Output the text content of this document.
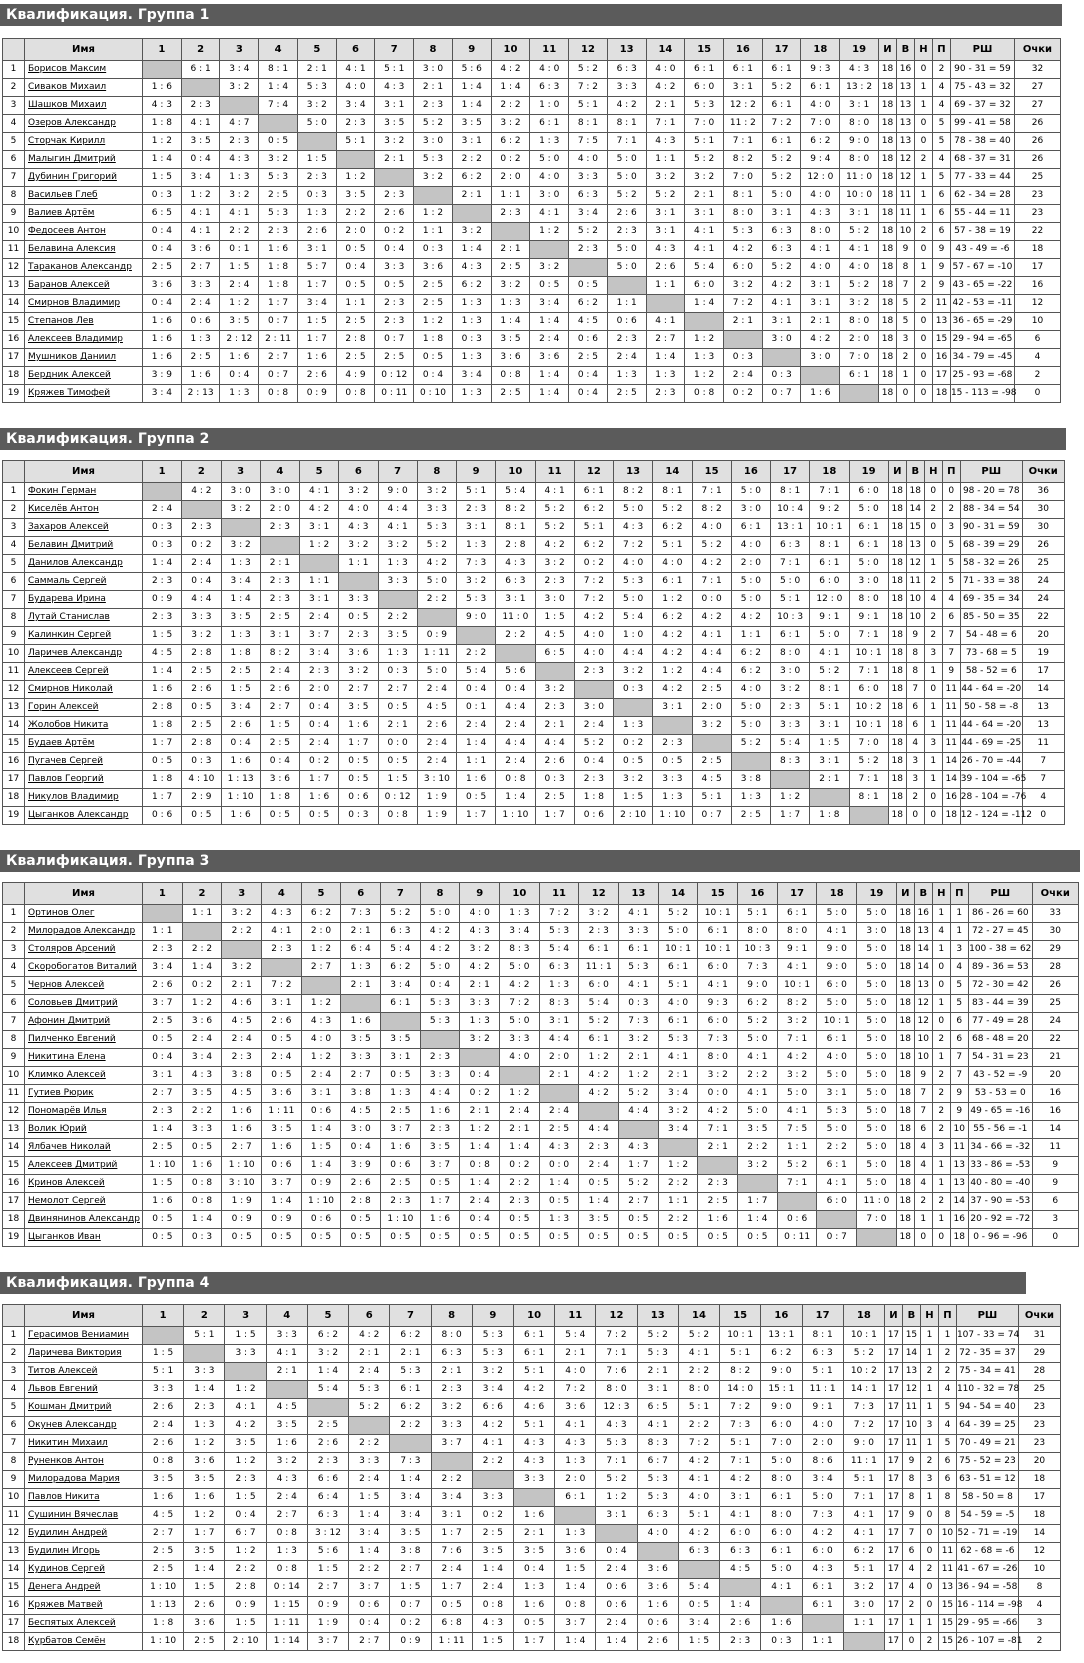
Квалификация. Группа 1
	Имя	1	2	3	4	5	6	7	8	9	10	11	12	13	14	15	16	17	18	19	И	В	Н	П	РШ	Очки
1	Борисов Максим		6 : 1	3 : 4	8 : 1	2 : 1	4 : 1	5 : 1	3 : 0	5 : 6	4 : 2	4 : 0	5 : 2	6 : 3	4 : 0	6 : 1	6 : 1	6 : 1	9 : 3	4 : 3	18	16	0	2	90 - 31 = 59	32
2	Сиваков Михаил	1 : 6		3 : 2	1 : 4	5 : 3	4 : 0	4 : 3	2 : 1	1 : 4	1 : 4	6 : 3	7 : 2	3 : 3	4 : 2	6 : 0	3 : 1	5 : 2	6 : 1	13 : 2	18	13	1	4	75 - 43 = 32	27
3	Шашков Михаил	4 : 3	2 : 3		7 : 4	3 : 2	3 : 4	3 : 1	2 : 3	1 : 4	2 : 2	1 : 0	5 : 1	4 : 2	2 : 1	5 : 3	12 : 2	6 : 1	4 : 0	3 : 1	18	13	1	4	69 - 37 = 32	27
4	Озеров Александр	1 : 8	4 : 1	4 : 7		5 : 0	2 : 3	3 : 5	5 : 2	3 : 5	3 : 2	6 : 1	8 : 1	8 : 1	7 : 1	7 : 0	11 : 2	7 : 2	7 : 0	8 : 0	18	13	0	5	99 - 41 = 58	26
5	Сторчак Кирилл	1 : 2	3 : 5	2 : 3	0 : 5		5 : 1	3 : 2	3 : 0	3 : 1	6 : 2	1 : 3	7 : 5	7 : 1	4 : 3	5 : 1	7 : 1	6 : 1	6 : 2	9 : 0	18	13	0	5	78 - 38 = 40	26
6	Малыгин Дмитрий	1 : 4	0 : 4	4 : 3	3 : 2	1 : 5		2 : 1	5 : 3	2 : 2	0 : 2	5 : 0	4 : 0	5 : 0	1 : 1	5 : 2	8 : 2	5 : 2	9 : 4	8 : 0	18	12	2	4	68 - 37 = 31	26
7	Дубинин Григорий	1 : 5	3 : 4	1 : 3	5 : 3	2 : 3	1 : 2		3 : 2	6 : 2	2 : 0	4 : 0	3 : 3	5 : 0	3 : 2	3 : 2	7 : 0	5 : 2	12 : 0	11 : 0	18	12	1	5	77 - 33 = 44	25
8	Васильев Глеб	0 : 3	1 : 2	3 : 2	2 : 5	0 : 3	3 : 5	2 : 3		2 : 1	1 : 1	3 : 0	6 : 3	5 : 2	5 : 2	2 : 1	8 : 1	5 : 0	4 : 0	10 : 0	18	11	1	6	62 - 34 = 28	23
9	Валиев Артём	6 : 5	4 : 1	4 : 1	5 : 3	1 : 3	2 : 2	2 : 6	1 : 2		2 : 3	4 : 1	3 : 4	2 : 6	3 : 1	3 : 1	8 : 0	3 : 1	4 : 3	3 : 1	18	11	1	6	55 - 44 = 11	23
10	Федосеев Антон	0 : 4	4 : 1	2 : 2	2 : 3	2 : 6	2 : 0	0 : 2	1 : 1	3 : 2		1 : 2	5 : 2	2 : 3	3 : 1	4 : 1	5 : 3	6 : 3	8 : 0	5 : 2	18	10	2	6	57 - 38 = 19	22
11	Белавина Алексия	0 : 4	3 : 6	0 : 1	1 : 6	3 : 1	0 : 5	0 : 4	0 : 3	1 : 4	2 : 1		2 : 3	5 : 0	4 : 3	4 : 1	4 : 2	6 : 3	4 : 1	4 : 1	18	9	0	9	43 - 49 = -6	18
12	Тараканов Александр	2 : 5	2 : 7	1 : 5	1 : 8	5 : 7	0 : 4	3 : 3	3 : 6	4 : 3	2 : 5	3 : 2		5 : 0	2 : 6	5 : 4	6 : 0	5 : 2	4 : 0	4 : 0	18	8	1	9	57 - 67 = -10	17
13	Баранов Алексей	3 : 6	3 : 3	2 : 4	1 : 8	1 : 7	0 : 5	0 : 5	2 : 5	6 : 2	3 : 2	0 : 5	0 : 5		1 : 1	6 : 0	3 : 2	4 : 2	3 : 1	5 : 2	18	7	2	9	43 - 65 = -22	16
14	Смирнов Владимир	0 : 4	2 : 4	1 : 2	1 : 7	3 : 4	1 : 1	2 : 3	2 : 5	1 : 3	1 : 3	3 : 4	6 : 2	1 : 1		1 : 4	7 : 2	4 : 1	3 : 1	3 : 2	18	5	2	11	42 - 53 = -11	12
15	Степанов Лев	1 : 6	0 : 6	3 : 5	0 : 7	1 : 5	2 : 5	2 : 3	1 : 2	1 : 3	1 : 4	1 : 4	4 : 5	0 : 6	4 : 1		2 : 1	3 : 1	2 : 1	8 : 0	18	5	0	13	36 - 65 = -29	10
16	Алексеев Владимир	1 : 6	1 : 3	2 : 12	2 : 11	1 : 7	2 : 8	0 : 7	1 : 8	0 : 3	3 : 5	2 : 4	0 : 6	2 : 3	2 : 7	1 : 2		3 : 0	4 : 2	2 : 0	18	3	0	15	29 - 94 = -65	6
17	Мушников Даниил	1 : 6	2 : 5	1 : 6	2 : 7	1 : 6	2 : 5	2 : 5	0 : 5	1 : 3	3 : 6	3 : 6	2 : 5	2 : 4	1 : 4	1 : 3	0 : 3		3 : 0	7 : 0	18	2	0	16	34 - 79 = -45	4
18	Бердник Алексей	3 : 9	1 : 6	0 : 4	0 : 7	2 : 6	4 : 9	0 : 12	0 : 4	3 : 4	0 : 8	1 : 4	0 : 4	1 : 3	1 : 3	1 : 2	2 : 4	0 : 3		6 : 1	18	1	0	17	25 - 93 = -68	2
19	Кряжев Тимофей	3 : 4	2 : 13	1 : 3	0 : 8	0 : 9	0 : 8	0 : 11	0 : 10	1 : 3	2 : 5	1 : 4	0 : 4	2 : 5	2 : 3	0 : 8	0 : 2	0 : 7	1 : 6		18	0	0	18	15 - 113 = -98	0
Квалификация. Группа 2
	Имя	1	2	3	4	5	6	7	8	9	10	11	12	13	14	15	16	17	18	19	И	В	Н	П	РШ	Очки
1	Фокин Герман		4 : 2	3 : 0	3 : 0	4 : 1	3 : 2	9 : 0	3 : 2	5 : 1	5 : 4	4 : 1	6 : 1	8 : 2	8 : 1	7 : 1	5 : 0	8 : 1	7 : 1	6 : 0	18	18	0	0	98 - 20 = 78	36
2	Киселёв Антон	2 : 4		3 : 2	2 : 0	4 : 2	4 : 0	4 : 4	3 : 3	2 : 3	8 : 2	5 : 2	6 : 2	5 : 0	5 : 2	8 : 2	3 : 0	10 : 4	9 : 2	5 : 0	18	14	2	2	88 - 34 = 54	30
3	Захаров Алексей	0 : 3	2 : 3		2 : 3	3 : 1	4 : 3	4 : 1	5 : 3	3 : 1	8 : 1	5 : 2	5 : 1	4 : 3	6 : 2	4 : 0	6 : 1	13 : 1	10 : 1	6 : 1	18	15	0	3	90 - 31 = 59	30
4	Белавин Дмитрий	0 : 3	0 : 2	3 : 2		1 : 2	3 : 2	3 : 2	5 : 2	1 : 3	2 : 8	4 : 2	6 : 2	7 : 2	5 : 1	5 : 2	4 : 0	6 : 3	8 : 1	6 : 1	18	13	0	5	68 - 39 = 29	26
5	Данилов Александр	1 : 4	2 : 4	1 : 3	2 : 1		1 : 1	1 : 3	4 : 2	7 : 3	4 : 3	3 : 2	0 : 2	4 : 0	4 : 0	4 : 2	2 : 0	7 : 1	6 : 1	5 : 0	18	12	1	5	58 - 32 = 26	25
6	Саммаль Сергей	2 : 3	0 : 4	3 : 4	2 : 3	1 : 1		3 : 3	5 : 0	3 : 2	6 : 3	2 : 3	7 : 2	5 : 3	6 : 1	7 : 1	5 : 0	5 : 0	6 : 0	3 : 0	18	11	2	5	71 - 33 = 38	24
7	Бударева Ирина	0 : 9	4 : 4	1 : 4	2 : 3	3 : 1	3 : 3		2 : 2	5 : 3	3 : 1	3 : 0	7 : 2	5 : 0	1 : 2	0 : 0	5 : 0	5 : 1	12 : 0	8 : 0	18	10	4	4	69 - 35 = 34	24
8	Лутай Станислав	2 : 3	3 : 3	3 : 5	2 : 5	2 : 4	0 : 5	2 : 2		9 : 0	11 : 0	1 : 5	4 : 2	5 : 4	6 : 2	4 : 2	4 : 2	10 : 3	9 : 1	9 : 1	18	10	2	6	85 - 50 = 35	22
9	Калинкин Сергей	1 : 5	3 : 2	1 : 3	3 : 1	3 : 7	2 : 3	3 : 5	0 : 9		2 : 2	4 : 5	4 : 0	1 : 0	4 : 2	4 : 1	1 : 1	6 : 1	5 : 0	7 : 1	18	9	2	7	54 - 48 = 6	20
10	Ларичев Александр	4 : 5	2 : 8	1 : 8	8 : 2	3 : 4	3 : 6	1 : 3	1 : 11	2 : 2		6 : 5	4 : 0	4 : 4	4 : 2	4 : 4	6 : 2	8 : 0	4 : 1	10 : 1	18	8	3	7	73 - 68 = 5	19
11	Алексеев Сергей	1 : 4	2 : 5	2 : 5	2 : 4	2 : 3	3 : 2	0 : 3	5 : 0	5 : 4	5 : 6		2 : 3	3 : 2	1 : 2	4 : 4	6 : 2	3 : 0	5 : 2	7 : 1	18	8	1	9	58 - 52 = 6	17
12	Смирнов Николай	1 : 6	2 : 6	1 : 5	2 : 6	2 : 0	2 : 7	2 : 7	2 : 4	0 : 4	0 : 4	3 : 2		0 : 3	4 : 2	2 : 5	4 : 0	3 : 2	8 : 1	6 : 0	18	7	0	11	44 - 64 = -20	14
13	Горин Алексей	2 : 8	0 : 5	3 : 4	2 : 7	0 : 4	3 : 5	0 : 5	4 : 5	0 : 1	4 : 4	2 : 3	3 : 0		3 : 1	2 : 0	5 : 0	2 : 3	5 : 1	10 : 2	18	6	1	11	50 - 58 = -8	13
14	Жолобов Никита	1 : 8	2 : 5	2 : 6	1 : 5	0 : 4	1 : 6	2 : 1	2 : 6	2 : 4	2 : 4	2 : 1	2 : 4	1 : 3		3 : 2	5 : 0	3 : 3	3 : 1	10 : 1	18	6	1	11	44 - 64 = -20	13
15	Будаев Артём	1 : 7	2 : 8	0 : 4	2 : 5	2 : 4	1 : 7	0 : 0	2 : 4	1 : 4	4 : 4	4 : 4	5 : 2	0 : 2	2 : 3		5 : 2	5 : 4	1 : 5	7 : 0	18	4	3	11	44 - 69 = -25	11
16	Пугачев Сергей	0 : 5	0 : 3	1 : 6	0 : 4	0 : 2	0 : 5	0 : 5	2 : 4	1 : 1	2 : 4	2 : 6	0 : 4	0 : 5	0 : 5	2 : 5		8 : 3	3 : 1	5 : 2	18	3	1	14	26 - 70 = -44	7
17	Павлов Георгий	1 : 8	4 : 10	1 : 13	3 : 6	1 : 7	0 : 5	1 : 5	3 : 10	1 : 6	0 : 8	0 : 3	2 : 3	3 : 2	3 : 3	4 : 5	3 : 8		2 : 1	7 : 1	18	3	1	14	39 - 104 = -65	7
18	Никулов Владимир	1 : 7	2 : 9	1 : 10	1 : 8	1 : 6	0 : 6	0 : 12	1 : 9	0 : 5	1 : 4	2 : 5	1 : 8	1 : 5	1 : 3	5 : 1	1 : 3	1 : 2		8 : 1	18	2	0	16	28 - 104 = -76	4
19	Цыганков Александр	0 : 6	0 : 5	1 : 6	0 : 5	0 : 5	0 : 3	0 : 8	1 : 9	1 : 7	1 : 10	1 : 7	0 : 6	2 : 10	1 : 10	0 : 7	2 : 5	1 : 7	1 : 8		18	0	0	18	12 - 124 = -112	0
Квалификация. Группа 3
	Имя	1	2	3	4	5	6	7	8	9	10	11	12	13	14	15	16	17	18	19	И	В	Н	П	РШ	Очки
1	Ортинов Олег		1 : 1	3 : 2	4 : 3	6 : 2	7 : 3	5 : 2	5 : 0	4 : 0	1 : 3	7 : 2	3 : 2	4 : 1	5 : 2	10 : 1	5 : 1	6 : 1	5 : 0	5 : 0	18	16	1	1	86 - 26 = 60	33
2	Милорадов Александр	1 : 1		2 : 2	4 : 1	2 : 0	2 : 1	6 : 3	4 : 2	4 : 3	3 : 4	5 : 3	2 : 3	3 : 3	5 : 0	6 : 1	8 : 0	8 : 0	4 : 1	3 : 0	18	13	4	1	72 - 27 = 45	30
3	Столяров Арсений	2 : 3	2 : 2		2 : 3	1 : 2	6 : 4	5 : 4	4 : 2	3 : 2	8 : 3	5 : 4	6 : 1	6 : 1	10 : 1	10 : 1	10 : 3	9 : 1	9 : 0	5 : 0	18	14	1	3	100 - 38 = 62	29
4	Скоробогатов Виталий	3 : 4	1 : 4	3 : 2		2 : 7	1 : 3	6 : 2	5 : 0	4 : 2	5 : 0	6 : 3	11 : 1	5 : 3	6 : 1	6 : 0	7 : 3	4 : 1	9 : 0	5 : 0	18	14	0	4	89 - 36 = 53	28
5	Чернов Алексей	2 : 6	0 : 2	2 : 1	7 : 2		2 : 1	3 : 4	0 : 4	2 : 1	4 : 2	1 : 3	6 : 0	4 : 1	5 : 1	4 : 1	9 : 0	10 : 1	6 : 0	5 : 0	18	13	0	5	72 - 30 = 42	26
6	Соловьев Дмитрий	3 : 7	1 : 2	4 : 6	3 : 1	1 : 2		6 : 1	5 : 3	3 : 3	7 : 2	8 : 3	5 : 4	0 : 3	4 : 0	9 : 3	6 : 2	8 : 2	5 : 0	5 : 0	18	12	1	5	83 - 44 = 39	25
7	Афонин Дмитрий	2 : 5	3 : 6	4 : 5	2 : 6	4 : 3	1 : 6		5 : 3	1 : 3	5 : 0	3 : 1	5 : 2	7 : 3	6 : 1	6 : 0	5 : 2	3 : 2	10 : 1	5 : 0	18	12	0	6	77 - 49 = 28	24
8	Пилченко Евгений	0 : 5	2 : 4	2 : 4	0 : 5	4 : 0	3 : 5	3 : 5		3 : 2	3 : 3	4 : 4	6 : 1	3 : 2	5 : 3	7 : 3	5 : 0	7 : 1	6 : 1	5 : 0	18	10	2	6	68 - 48 = 20	22
9	Никитина Елена	0 : 4	3 : 4	2 : 3	2 : 4	1 : 2	3 : 3	3 : 1	2 : 3		4 : 0	2 : 0	1 : 2	2 : 1	4 : 1	8 : 0	4 : 1	4 : 2	4 : 0	5 : 0	18	10	1	7	54 - 31 = 23	21
10	Климко Алексей	3 : 1	4 : 3	3 : 8	0 : 5	2 : 4	2 : 7	0 : 5	3 : 3	0 : 4		2 : 1	4 : 2	1 : 2	2 : 1	3 : 2	2 : 2	3 : 2	5 : 0	5 : 0	18	9	2	7	43 - 52 = -9	20
11	Гутиев Рюрик	2 : 7	3 : 5	4 : 5	3 : 6	3 : 1	3 : 8	1 : 3	4 : 4	0 : 2	1 : 2		4 : 2	5 : 2	3 : 4	0 : 0	4 : 1	5 : 0	3 : 1	5 : 0	18	7	2	9	53 - 53 = 0	16
12	Пономарёв Илья	2 : 3	2 : 2	1 : 6	1 : 11	0 : 6	4 : 5	2 : 5	1 : 6	2 : 1	2 : 4	2 : 4		4 : 4	3 : 2	4 : 2	5 : 0	4 : 1	5 : 3	5 : 0	18	7	2	9	49 - 65 = -16	16
13	Волик Юрий	1 : 4	3 : 3	1 : 6	3 : 5	1 : 4	3 : 0	3 : 7	2 : 3	1 : 2	2 : 1	2 : 5	4 : 4		3 : 4	7 : 1	3 : 5	7 : 5	5 : 0	5 : 0	18	6	2	10	55 - 56 = -1	14
14	Ялбачев Николай	2 : 5	0 : 5	2 : 7	1 : 6	1 : 5	0 : 4	1 : 6	3 : 5	1 : 4	1 : 4	4 : 3	2 : 3	4 : 3		2 : 1	2 : 2	1 : 1	2 : 2	5 : 0	18	4	3	11	34 - 66 = -32	11
15	Алексеев Дмитрий	1 : 10	1 : 6	1 : 10	0 : 6	1 : 4	3 : 9	0 : 6	3 : 7	0 : 8	0 : 2	0 : 0	2 : 4	1 : 7	1 : 2		3 : 2	5 : 2	6 : 1	5 : 0	18	4	1	13	33 - 86 = -53	9
16	Кринов Алексей	1 : 5	0 : 8	3 : 10	3 : 7	0 : 9	2 : 6	2 : 5	0 : 5	1 : 4	2 : 2	1 : 4	0 : 5	5 : 2	2 : 2	2 : 3		7 : 1	4 : 1	5 : 0	18	4	1	13	40 - 80 = -40	9
17	Немолот Сергей	1 : 6	0 : 8	1 : 9	1 : 4	1 : 10	2 : 8	2 : 3	1 : 7	2 : 4	2 : 3	0 : 5	1 : 4	2 : 7	1 : 1	2 : 5	1 : 7		6 : 0	11 : 0	18	2	2	14	37 - 90 = -53	6
18	Двинянинов Александр	0 : 5	1 : 4	0 : 9	0 : 9	0 : 6	0 : 5	1 : 10	1 : 6	0 : 4	0 : 5	1 : 3	3 : 5	0 : 5	2 : 2	1 : 6	1 : 4	0 : 6		7 : 0	18	1	1	16	20 - 92 = -72	3
19	Цыганков Иван	0 : 5	0 : 3	0 : 5	0 : 5	0 : 5	0 : 5	0 : 5	0 : 5	0 : 5	0 : 5	0 : 5	0 : 5	0 : 5	0 : 5	0 : 5	0 : 5	0 : 11	0 : 7		18	0	0	18	0 - 96 = -96	0
Квалификация. Группа 4
	Имя	1	2	3	4	5	6	7	8	9	10	11	12	13	14	15	16	17	18	И	В	Н	П	РШ	Очки
1	Герасимов Вениамин		5 : 1	1 : 5	3 : 3	6 : 2	4 : 2	6 : 2	8 : 0	5 : 3	6 : 1	5 : 4	7 : 2	5 : 2	5 : 2	10 : 1	13 : 1	8 : 1	10 : 1	17	15	1	1	107 - 33 = 74	31
2	Ларичева Виктория	1 : 5		3 : 3	4 : 1	3 : 2	2 : 1	2 : 1	6 : 3	5 : 3	6 : 1	2 : 1	7 : 1	5 : 3	4 : 1	5 : 1	6 : 2	6 : 3	5 : 2	17	14	1	2	72 - 35 = 37	29
3	Титов Алексей	5 : 1	3 : 3		2 : 1	1 : 4	2 : 4	5 : 3	2 : 1	3 : 2	5 : 1	4 : 0	7 : 6	2 : 1	2 : 2	8 : 2	9 : 0	5 : 1	10 : 2	17	13	2	2	75 - 34 = 41	28
4	Львов Евгений	3 : 3	1 : 4	1 : 2		5 : 4	5 : 3	6 : 1	2 : 3	3 : 4	4 : 2	7 : 2	8 : 0	3 : 1	8 : 0	14 : 0	15 : 1	11 : 1	14 : 1	17	12	1	4	110 - 32 = 78	25
5	Кошман Дмитрий	2 : 6	2 : 3	4 : 1	4 : 5		5 : 2	6 : 2	3 : 2	6 : 6	4 : 6	3 : 6	12 : 3	6 : 5	5 : 1	7 : 2	9 : 0	9 : 1	7 : 3	17	11	1	5	94 - 54 = 40	23
6	Окунев Александр	2 : 4	1 : 3	4 : 2	3 : 5	2 : 5		2 : 2	3 : 3	4 : 2	5 : 1	4 : 1	4 : 3	4 : 1	2 : 2	7 : 3	6 : 0	4 : 0	7 : 2	17	10	3	4	64 - 39 = 25	23
7	Никитин Михаил	2 : 6	1 : 2	3 : 5	1 : 6	2 : 6	2 : 2		3 : 7	4 : 1	4 : 3	4 : 3	5 : 3	8 : 3	7 : 2	5 : 1	7 : 0	2 : 0	9 : 0	17	11	1	5	70 - 49 = 21	23
8	Руненков Антон	0 : 8	3 : 6	1 : 2	3 : 2	2 : 3	3 : 3	7 : 3		2 : 2	4 : 3	1 : 3	7 : 1	6 : 7	4 : 2	7 : 1	5 : 0	8 : 6	11 : 1	17	9	2	6	75 - 52 = 23	20
9	Милорадова Мария	3 : 5	3 : 5	2 : 3	4 : 3	6 : 6	2 : 4	1 : 4	2 : 2		3 : 3	2 : 0	5 : 2	5 : 3	4 : 1	4 : 2	8 : 0	3 : 4	5 : 1	17	8	3	6	63 - 51 = 12	18
10	Павлов Никита	1 : 6	1 : 6	1 : 5	2 : 4	6 : 4	1 : 5	3 : 4	3 : 4	3 : 3		6 : 1	1 : 2	5 : 3	4 : 0	3 : 1	6 : 1	5 : 0	7 : 1	17	8	1	8	58 - 50 = 8	17
11	Сушинин Вячеслав	4 : 5	1 : 2	0 : 4	2 : 7	6 : 3	1 : 4	3 : 4	3 : 1	0 : 2	1 : 6		3 : 1	6 : 3	5 : 1	4 : 1	8 : 0	7 : 3	4 : 1	17	9	0	8	54 - 59 = -5	18
12	Будилин Андрей	2 : 7	1 : 7	6 : 7	0 : 8	3 : 12	3 : 4	3 : 5	1 : 7	2 : 5	2 : 1	1 : 3		4 : 0	4 : 2	6 : 0	6 : 0	4 : 2	4 : 1	17	7	0	10	52 - 71 = -19	14
13	Будилин Игорь	2 : 5	3 : 5	1 : 2	1 : 3	5 : 6	1 : 4	3 : 8	7 : 6	3 : 5	3 : 5	3 : 6	0 : 4		6 : 3	6 : 3	6 : 1	6 : 0	6 : 2	17	6	0	11	62 - 68 = -6	12
14	Кудинов Сергей	2 : 5	1 : 4	2 : 2	0 : 8	1 : 5	2 : 2	2 : 7	2 : 4	1 : 4	0 : 4	1 : 5	2 : 4	3 : 6		4 : 5	5 : 0	4 : 3	5 : 1	17	4	2	11	41 - 67 = -26	10
15	Денега Андрей	1 : 10	1 : 5	2 : 8	0 : 14	2 : 7	3 : 7	1 : 5	1 : 7	2 : 4	1 : 3	1 : 4	0 : 6	3 : 6	5 : 4		4 : 1	6 : 1	3 : 2	17	4	0	13	36 - 94 = -58	8
16	Кряжев Матвей	1 : 13	2 : 6	0 : 9	1 : 15	0 : 9	0 : 6	0 : 7	0 : 5	0 : 8	1 : 6	0 : 8	0 : 6	1 : 6	0 : 5	1 : 4		6 : 1	3 : 0	17	2	0	15	16 - 114 = -98	4
17	Беспятых Алексей	1 : 8	3 : 6	1 : 5	1 : 11	1 : 9	0 : 4	0 : 2	6 : 8	4 : 3	0 : 5	3 : 7	2 : 4	0 : 6	3 : 4	2 : 6	1 : 6		1 : 1	17	1	1	15	29 - 95 = -66	3
18	Курбатов Семён	1 : 10	2 : 5	2 : 10	1 : 14	3 : 7	2 : 7	0 : 9	1 : 11	1 : 5	1 : 7	1 : 4	1 : 4	2 : 6	1 : 5	2 : 3	0 : 3	1 : 1		17	0	2	15	26 - 107 = -81	2
